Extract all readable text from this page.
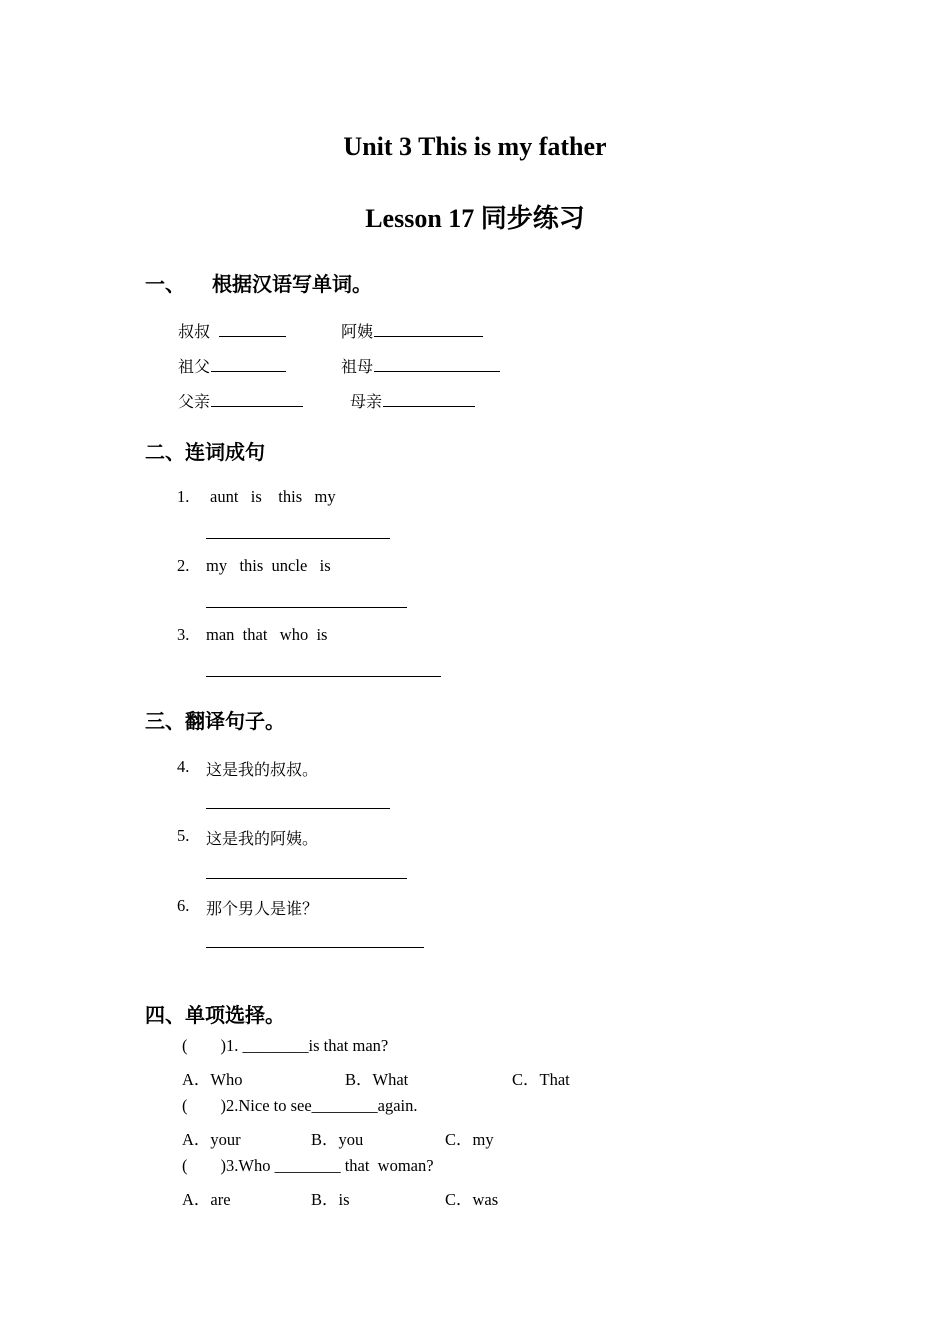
Unit 3 This is my father
Lesson 17 同步练习
一、 根据汉语写单词。
叔叔	阿姨
祖父	祖母
父亲	母亲
二、连词成句
1. aunt   is    this   my
2. my   this  uncle   is
3. man  that   who  is
三、翻译句子。
4. 这是我的叔叔。
5. 这是我的阿姨。
6. 那个男人是谁？
四、单项选择。
(        )1. ________is that man?
A．Who	B．What	C．That
(        )2.Nice to see________again.
A．your	B．you	C．my
(        )3.Who ________ that  woman?
A．are	B．is	C．was
